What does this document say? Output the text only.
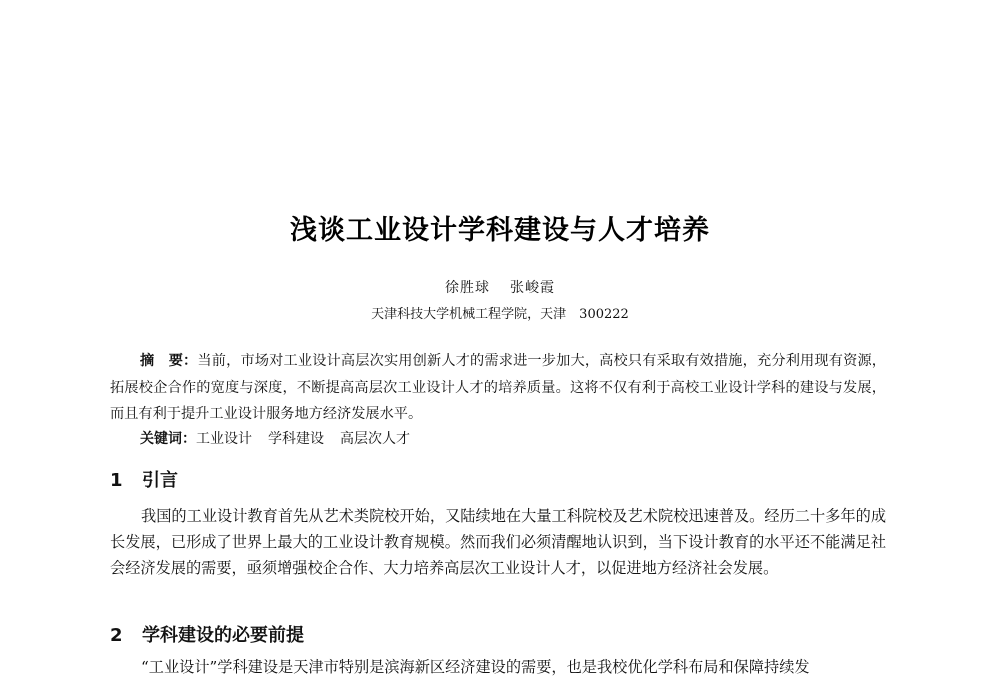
浅谈工业设计学科建设与人才培养
徐胜球 张峻霞
天津科技大学机械工程学院，天津　300222
摘　要：当前，市场对工业设计高层次实用创新人才的需求进一步加大，高校只有采取有效措施，充分利用现有资源，拓展校企合作的宽度与深度，不断提高高层次工业设计人才的培养质量。这将不仅有利于高校工业设计学科的建设与发展，而且有利于提升工业设计服务地方经济发展水平。
关键词：工业设计 学科建设 高层次人才
1 引言
我国的工业设计教育首先从艺术类院校开始，又陆续地在大量工科院校及艺术院校迅速普及。经历二十多年的成长发展，已形成了世界上最大的工业设计教育规模。然而我们必须清醒地认识到，当下设计教育的水平还不能满足社会经济发展的需要，亟须增强校企合作、大力培养高层次工业设计人才，以促进地方经济社会发展。
2 学科建设的必要前提
“工业设计”学科建设是天津市特别是滨海新区经济建设的需要，也是我校优化学科布局和保障持续发
